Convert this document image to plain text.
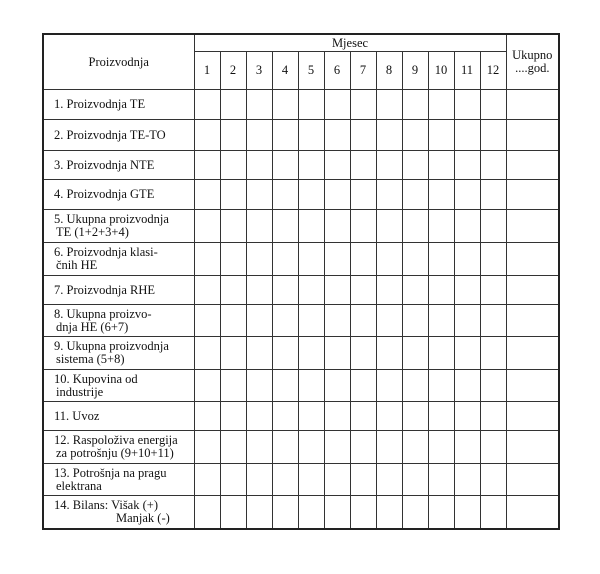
Proizvodnja	Mjesec												Ukupno
....god.
	1	2	3	4	5	6	7	8	9	10	11	12	
1. Proizvodnja TE													
2. Proizvodnja TE-TO													
3. Proizvodnja NTE													
4. Proizvodnja GTE													
5. Ukupna proizvodnja
TE (1+2+3+4)													

6. Proizvodnja klasi-
čnih HE													

7. Proizvodnja RHE													
8. Ukupna proizvo-
dnja HE (6+7)													

9. Ukupna proizvodnja
sistema (5+8)													

10. Kupovina od
industrije													

11. Uvoz													
12. Raspoloživa energija
za potrošnju (9+10+11)													

13. Potrošnja na pragu
elektrana													

14. Bilans: Višak (+)
Manjak (-)													
